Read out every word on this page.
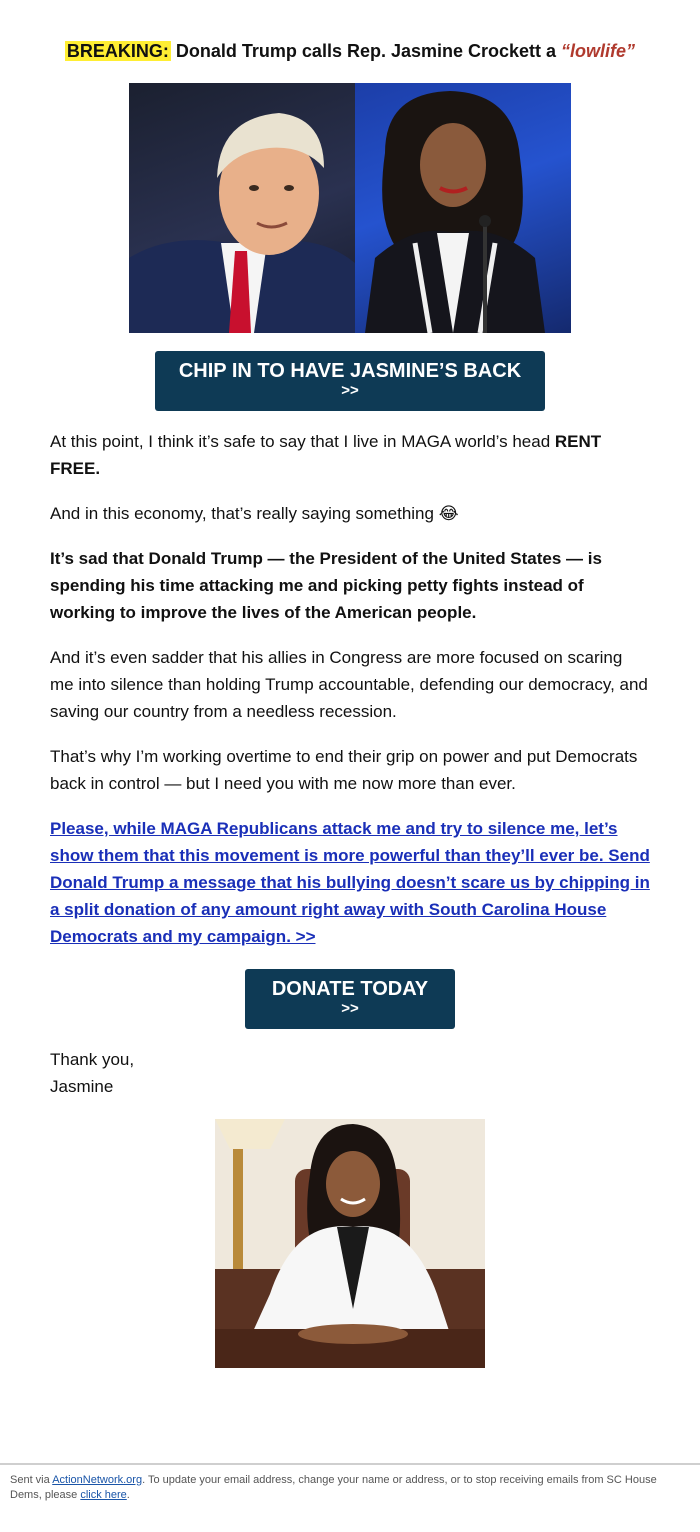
BREAKING: Donald Trump calls Rep. Jasmine Crockett a “lowlife”
CHIP IN TO HAVE JASMINE’S BACK
>>

At this point, I think it’s safe to say that I live in MAGA world’s head RENT FREE.

And in this economy, that’s really saying something 😂

It’s sad that Donald Trump — the President of the United States — is spending his time attacking me and picking petty fights instead of working to improve the lives of the American people.

And it’s even sadder that his allies in Congress are more focused on scaring me into silence than holding Trump accountable, defending our democracy, and saving our country from a needless recession.

That’s why I’m working overtime to end their grip on power and put Democrats back in control — but I need you with me now more than ever.

Please, while MAGA Republicans attack me and try to silence me, let’s show them that this movement is more powerful than they’ll ever be. Send Donald Trump a message that his bullying doesn’t scare us by chipping in a split donation of any amount right away with South Carolina House Democrats and my campaign. >>

DONATE TODAY
>>
Thank you,
Jasmine
Sent via ActionNetwork.org. To update your email address, change your name or address, or to stop receiving emails from SC House Dems, please click here.
